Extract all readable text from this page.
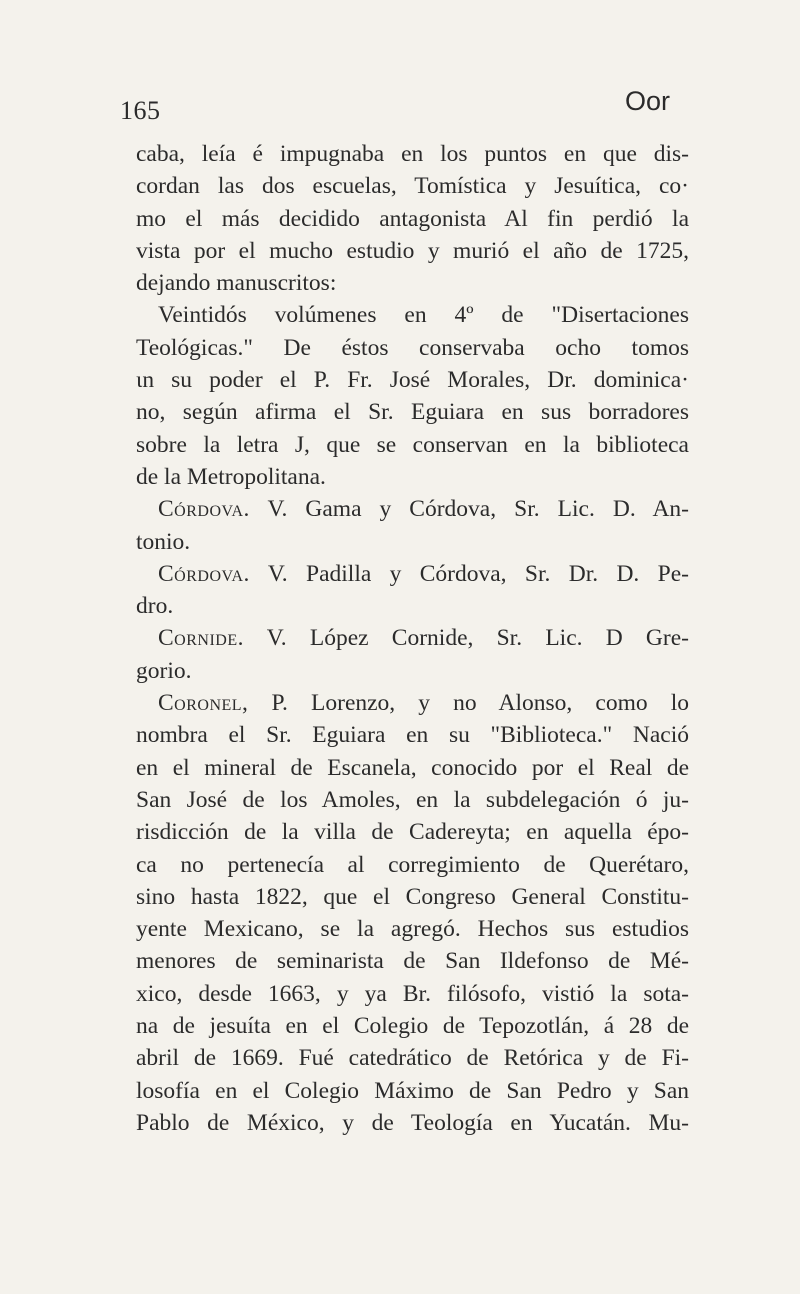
165	Oor
caba, leía é impugnaba en los puntos en que dis-
cordan las dos escuelas, Tomística y Jesuítica, co·
mo el más decidido antagonista Al fin perdió la
vista por el mucho estudio y murió el año de 1725,
dejando manuscritos:
Veintidós volúmenes en 4º de "Disertaciones
Teológicas." De éstos conservaba ocho tomos
ιn su poder el P. Fr. José Morales, Dr. dominica·
no, según afirma el Sr. Eguiara en sus borradores
sobre la letra J, que se conservan en la biblioteca
de la Metropolitana.
Córdova. V. Gama y Córdova, Sr. Lic. D. An-
tonio.
Córdova. V. Padilla y Córdova, Sr. Dr. D. Pe-
dro.
Cornide. V. López Cornide, Sr. Lic. D Gre-
gorio.
Coronel, P. Lorenzo, y no Alonso, como lo
nombra el Sr. Eguiara en su "Biblioteca." Nació
en el mineral de Escanela, conocido por el Real de
San José de los Amoles, en la subdelegación ó ju-
risdicción de la villa de Cadereyta; en aquella épo-
ca no pertenecía al corregimiento de Querétaro,
sino hasta 1822, que el Congreso General Constitu-
yente Mexicano, se la agregó. Hechos sus estudios
menores de seminarista de San Ildefonso de Mé-
xico, desde 1663, y ya Br. filósofo, vistió la sota-
na de jesuíta en el Colegio de Tepozotlán, á 28 de
abril de 1669. Fué catedrático de Retórica y de Fi-
losofía en el Colegio Máximo de San Pedro y San
Pablo de México, y de Teología en Yucatán. Mu-
